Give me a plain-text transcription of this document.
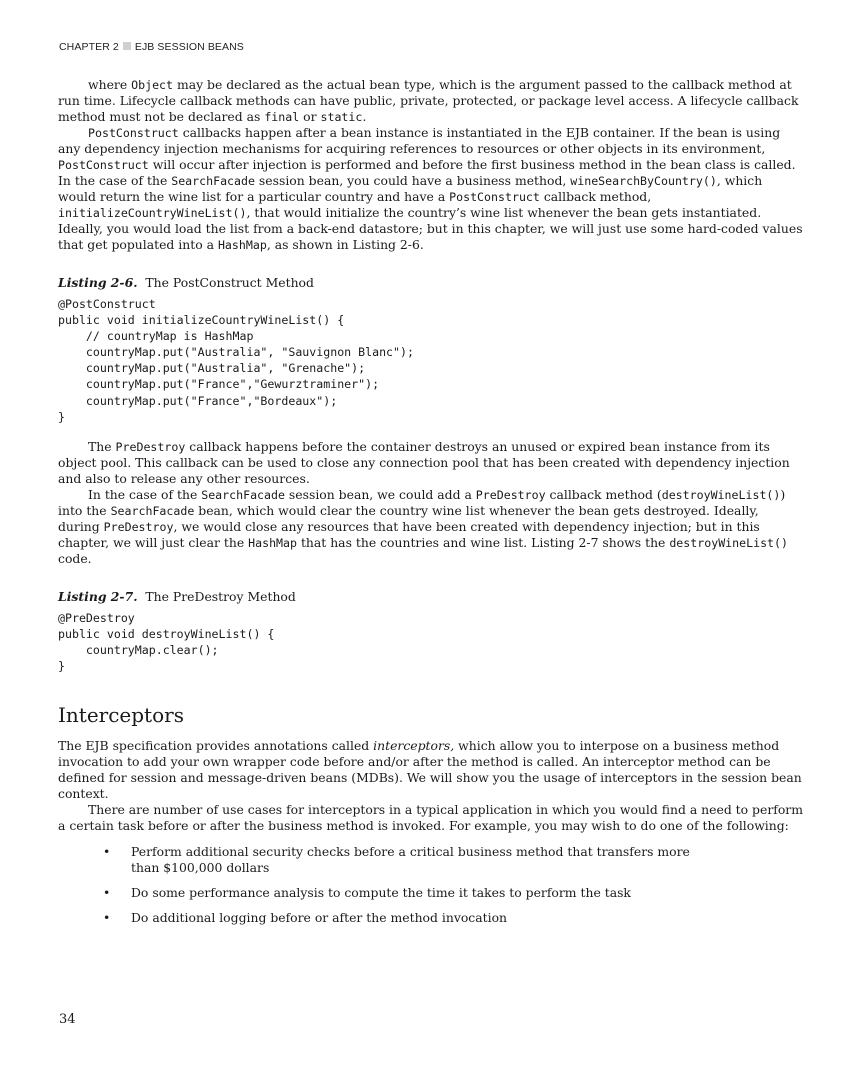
CHAPTER 2 EJB SESSION BEANS

where Object may be declared as the actual bean type, which is the argument passed to the callback method at run time. Lifecycle callback methods can have public, private, protected, or package level access. A lifecycle callback method must not be declared as final or static.

PostConstruct callbacks happen after a bean instance is instantiated in the EJB container. If the bean is using any dependency injection mechanisms for acquiring references to resources or other objects in its environment, PostConstruct will occur after injection is performed and before the first business method in the bean class is called. In the case of the SearchFacade session bean, you could have a business method, wineSearchByCountry(), which would return the wine list for a particular country and have a PostConstruct callback method, initializeCountryWineList(), that would initialize the country’s wine list whenever the bean gets instantiated. Ideally, you would load the list from a back-end datastore; but in this chapter, we will just use some hard-coded values that get populated into a HashMap, as shown in Listing 2-6.

Listing 2-6. The PostConstruct Method
@PostConstruct
public void initializeCountryWineList() {
// countryMap is HashMap
countryMap.put("Australia", "Sauvignon Blanc");
countryMap.put("Australia", "Grenache");
countryMap.put("France","Gewurztraminer");
countryMap.put("France","Bordeaux");
}

The PreDestroy callback happens before the container destroys an unused or expired bean instance from its object pool. This callback can be used to close any connection pool that has been created with dependency injection and also to release any other resources.

In the case of the SearchFacade session bean, we could add a PreDestroy callback method (destroyWineList()) into the SearchFacade bean, which would clear the country wine list whenever the bean gets destroyed. Ideally, during PreDestroy, we would close any resources that have been created with dependency injection; but in this chapter, we will just clear the HashMap that has the countries and wine list. Listing 2-7 shows the destroyWineList() code.

Listing 2-7. The PreDestroy Method
@PreDestroy
public void destroyWineList() {
countryMap.clear();
}
Interceptors

The EJB specification provides annotations called interceptors, which allow you to interpose on a business method invocation to add your own wrapper code before and/or after the method is called. An interceptor method can be defined for session and message-driven beans (MDBs). We will show you the usage of interceptors in the session bean context.

There are number of use cases for interceptors in a typical application in which you would find a need to perform a certain task before or after the business method is invoked. For example, you may wish to do one of the following:

• Perform additional security checks before a critical business method that transfers more than $100,000 dollars
• Do some performance analysis to compute the time it takes to perform the task
• Do additional logging before or after the method invocation
34
